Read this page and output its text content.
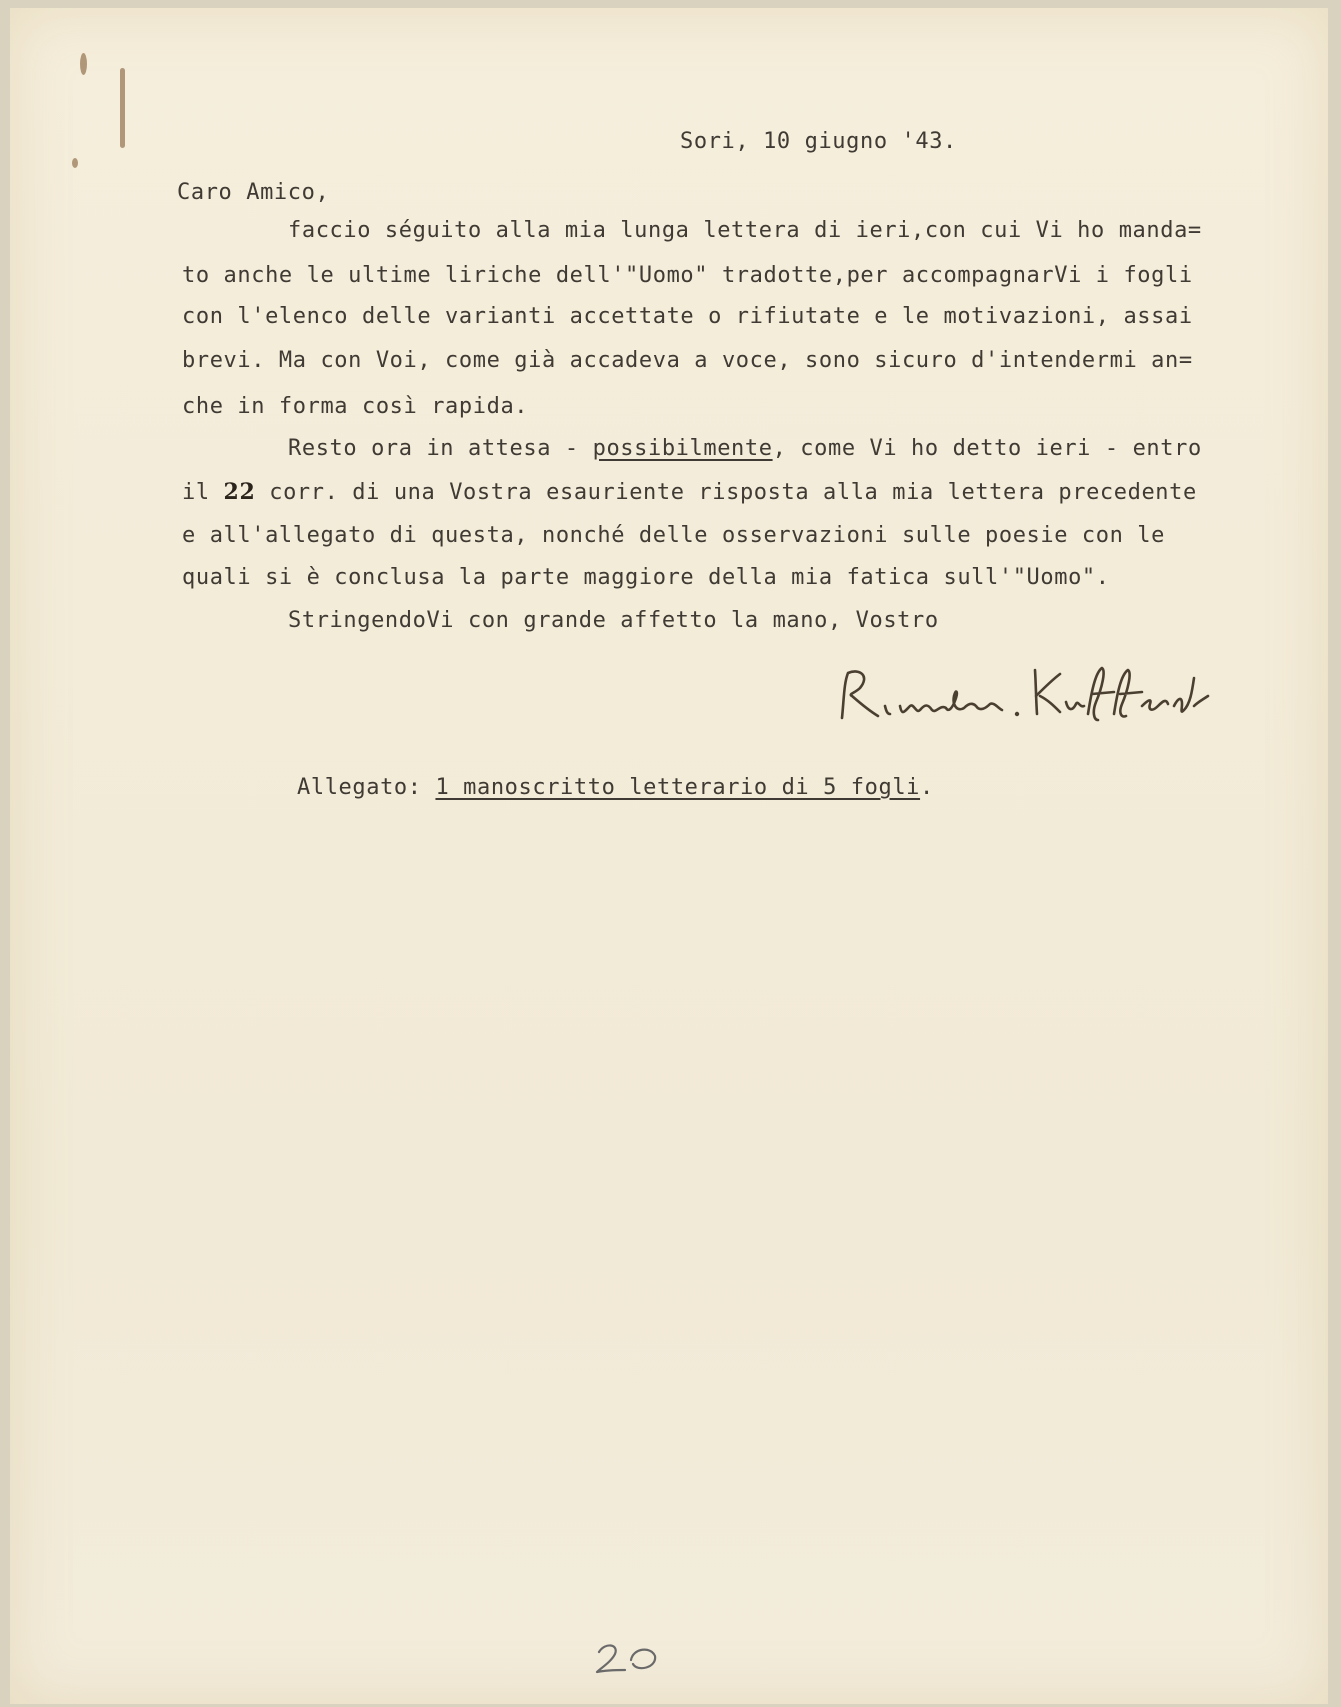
Sori, 10 giugno '43.
Caro Amico,
faccio séguito alla mia lunga lettera di ieri,con cui Vi ho manda=
to anche le ultime liriche dell'"Uomo" tradotte,per accompagnarVi i fogli
con l'elenco delle varianti accettate o rifiutate e le motivazioni, assai
brevi. Ma con Voi, come già accadeva a voce, sono sicuro d'intendermi an=
che in forma così rapida.
Resto ora in attesa - possibilmente, come Vi ho detto ieri - entro
il 22 corr. di una Vostra esauriente risposta alla mia lettera precedente
e all'allegato di questa, nonché delle osservazioni sulle poesie con le
quali si è conclusa la parte maggiore della mia fatica sull'"Uomo".
StringendoVi con grande affetto la mano, Vostro
Allegato: 1 manoscritto letterario di 5 fogli.
